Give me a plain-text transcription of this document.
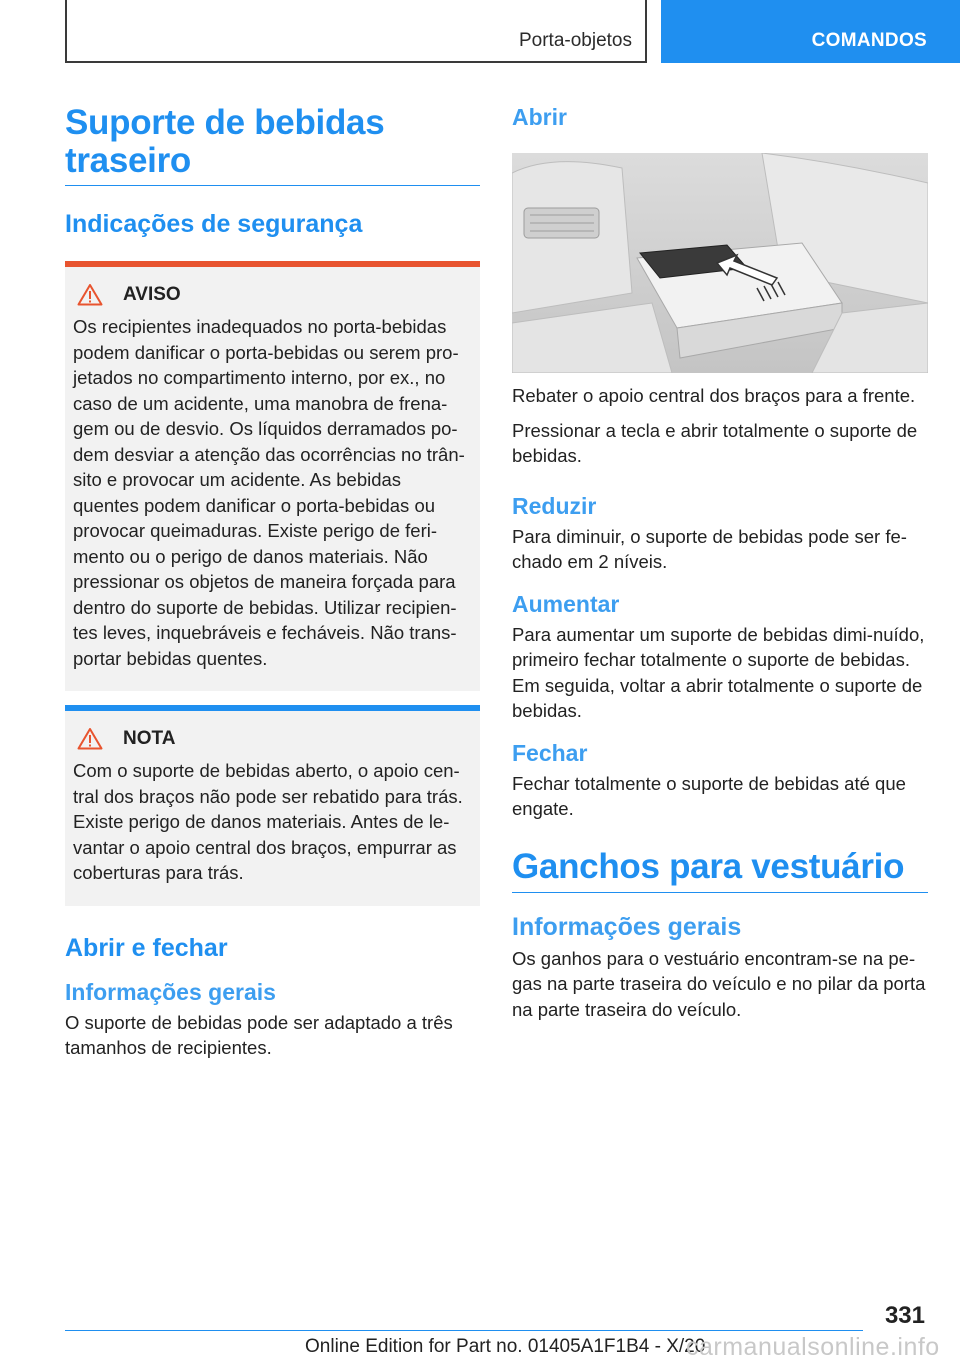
Porta-objetos	COMANDOS
Suporte de bebidas traseiro
Indicações de segurança
AVISO

Os recipientes inadequados no porta-bebidas podem danificar o porta-bebidas ou serem pro-jetados no compartimento interno, por ex., no caso de um acidente, uma manobra de frena-gem ou de desvio. Os líquidos derramados po-dem desviar a atenção das ocorrências no trân-sito e provocar um acidente. As bebidas quentes podem danificar o porta-bebidas ou provocar queimaduras. Existe perigo de feri-mento ou o perigo de danos materiais. Não pressionar os objetos de maneira forçada para dentro do suporte de bebidas. Utilizar recipien-tes leves, inquebráveis e fecháveis. Não trans-portar bebidas quentes.

NOTA

Com o suporte de bebidas aberto, o apoio cen-tral dos braços não pode ser rebatido para trás. Existe perigo de danos materiais. Antes de le-vantar o apoio central dos braços, empurrar as coberturas para trás.

Abrir e fechar
Informações gerais

O suporte de bebidas pode ser adaptado a três tamanhos de recipientes.

Abrir

Rebater o apoio central dos braços para a frente.

Pressionar a tecla e abrir totalmente o suporte de bebidas.

Reduzir

Para diminuir, o suporte de bebidas pode ser fe-chado em 2 níveis.

Aumentar

Para aumentar um suporte de bebidas dimi-nuído, primeiro fechar totalmente o suporte de bebidas. Em seguida, voltar a abrir totalmente o suporte de bebidas.

Fechar

Fechar totalmente o suporte de bebidas até que engate.

Ganchos para vestuário
Informações gerais

Os ganhos para o vestuário encontram-se na pe-gas na parte traseira do veículo e no pilar da porta na parte traseira do veículo.

331
Online Edition for Part no. 01405A1F1B4 - X/20
carmanualsonline.info
